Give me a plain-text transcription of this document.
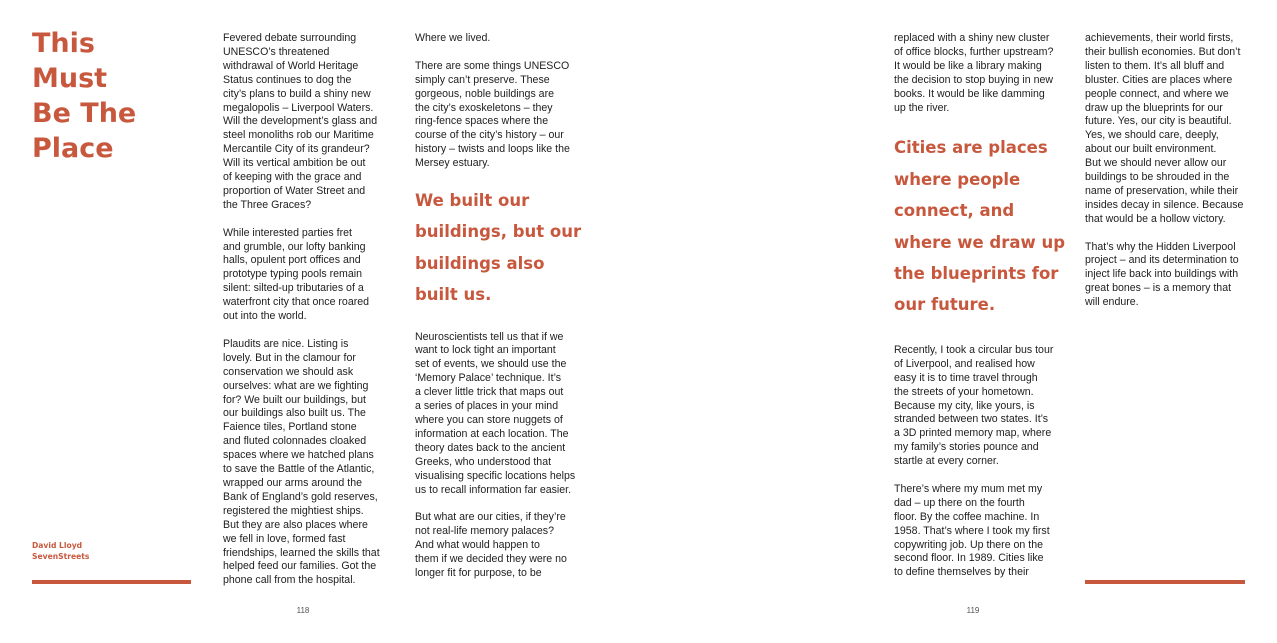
This
Must
Be The
Place
David Lloyd
SevenStreets

Fevered debate surrounding
UNESCO’s threatened
withdrawal of World Heritage
Status continues to dog the
city’s plans to build a shiny new
megalopolis – Liverpool Waters.
Will the development’s glass and
steel monoliths rob our Maritime
Mercantile City of its grandeur?
Will its vertical ambition be out
of keeping with the grace and
proportion of Water Street and
the Three Graces?

While interested parties fret
and grumble, our lofty banking
halls, opulent port offices and
prototype typing pools remain
silent: silted-up tributaries of a
waterfront city that once roared
out into the world.

Plaudits are nice. Listing is
lovely. But in the clamour for
conservation we should ask
ourselves: what are we fighting
for? We built our buildings, but
our buildings also built us. The
Faience tiles, Portland stone
and fluted colonnades cloaked
spaces where we hatched plans
to save the Battle of the Atlantic,
wrapped our arms around the
Bank of England’s gold reserves,
registered the mightiest ships.
But they are also places where
we fell in love, formed fast
friendships, learned the skills that
helped feed our families. Got the
phone call from the hospital.

Where we lived.

There are some things UNESCO
simply can’t preserve. These
gorgeous, noble buildings are
the city’s exoskeletons – they
ring-fence spaces where the
course of the city’s history – our
history – twists and loops like the
Mersey estuary.

We built our
buildings, but our
buildings also
built us.

Neuroscientists tell us that if we
want to lock tight an important
set of events, we should use the
‘Memory Palace’ technique. It’s
a clever little trick that maps out
a series of places in your mind
where you can store nuggets of
information at each location. The
theory dates back to the ancient
Greeks, who understood that
visualising specific locations helps
us to recall information far easier.

But what are our cities, if they’re
not real-life memory palaces?
And what would happen to
them if we decided they were no
longer fit for purpose, to be

118

replaced with a shiny new cluster
of office blocks, further upstream?
It would be like a library making
the decision to stop buying in new
books. It would be like damming
up the river.

Cities are places
where people
connect, and
where we draw up
the blueprints for
our future.

Recently, I took a circular bus tour
of Liverpool, and realised how
easy it is to time travel through
the streets of your hometown.
Because my city, like yours, is
stranded between two states. It’s
a 3D printed memory map, where
my family’s stories pounce and
startle at every corner.

There’s where my mum met my
dad – up there on the fourth
floor. By the coffee machine. In
1958. That’s where I took my first
copywriting job. Up there on the
second floor. In 1989. Cities like
to define themselves by their

achievements, their world firsts,
their bullish economies. But don’t
listen to them. It’s all bluff and
bluster. Cities are places where
people connect, and where we
draw up the blueprints for our
future. Yes, our city is beautiful.
Yes, we should care, deeply,
about our built environment.
But we should never allow our
buildings to be shrouded in the
name of preservation, while their
insides decay in silence. Because
that would be a hollow victory.

That’s why the Hidden Liverpool
project – and its determination to
inject life back into buildings with
great bones – is a memory that
will endure.

119
